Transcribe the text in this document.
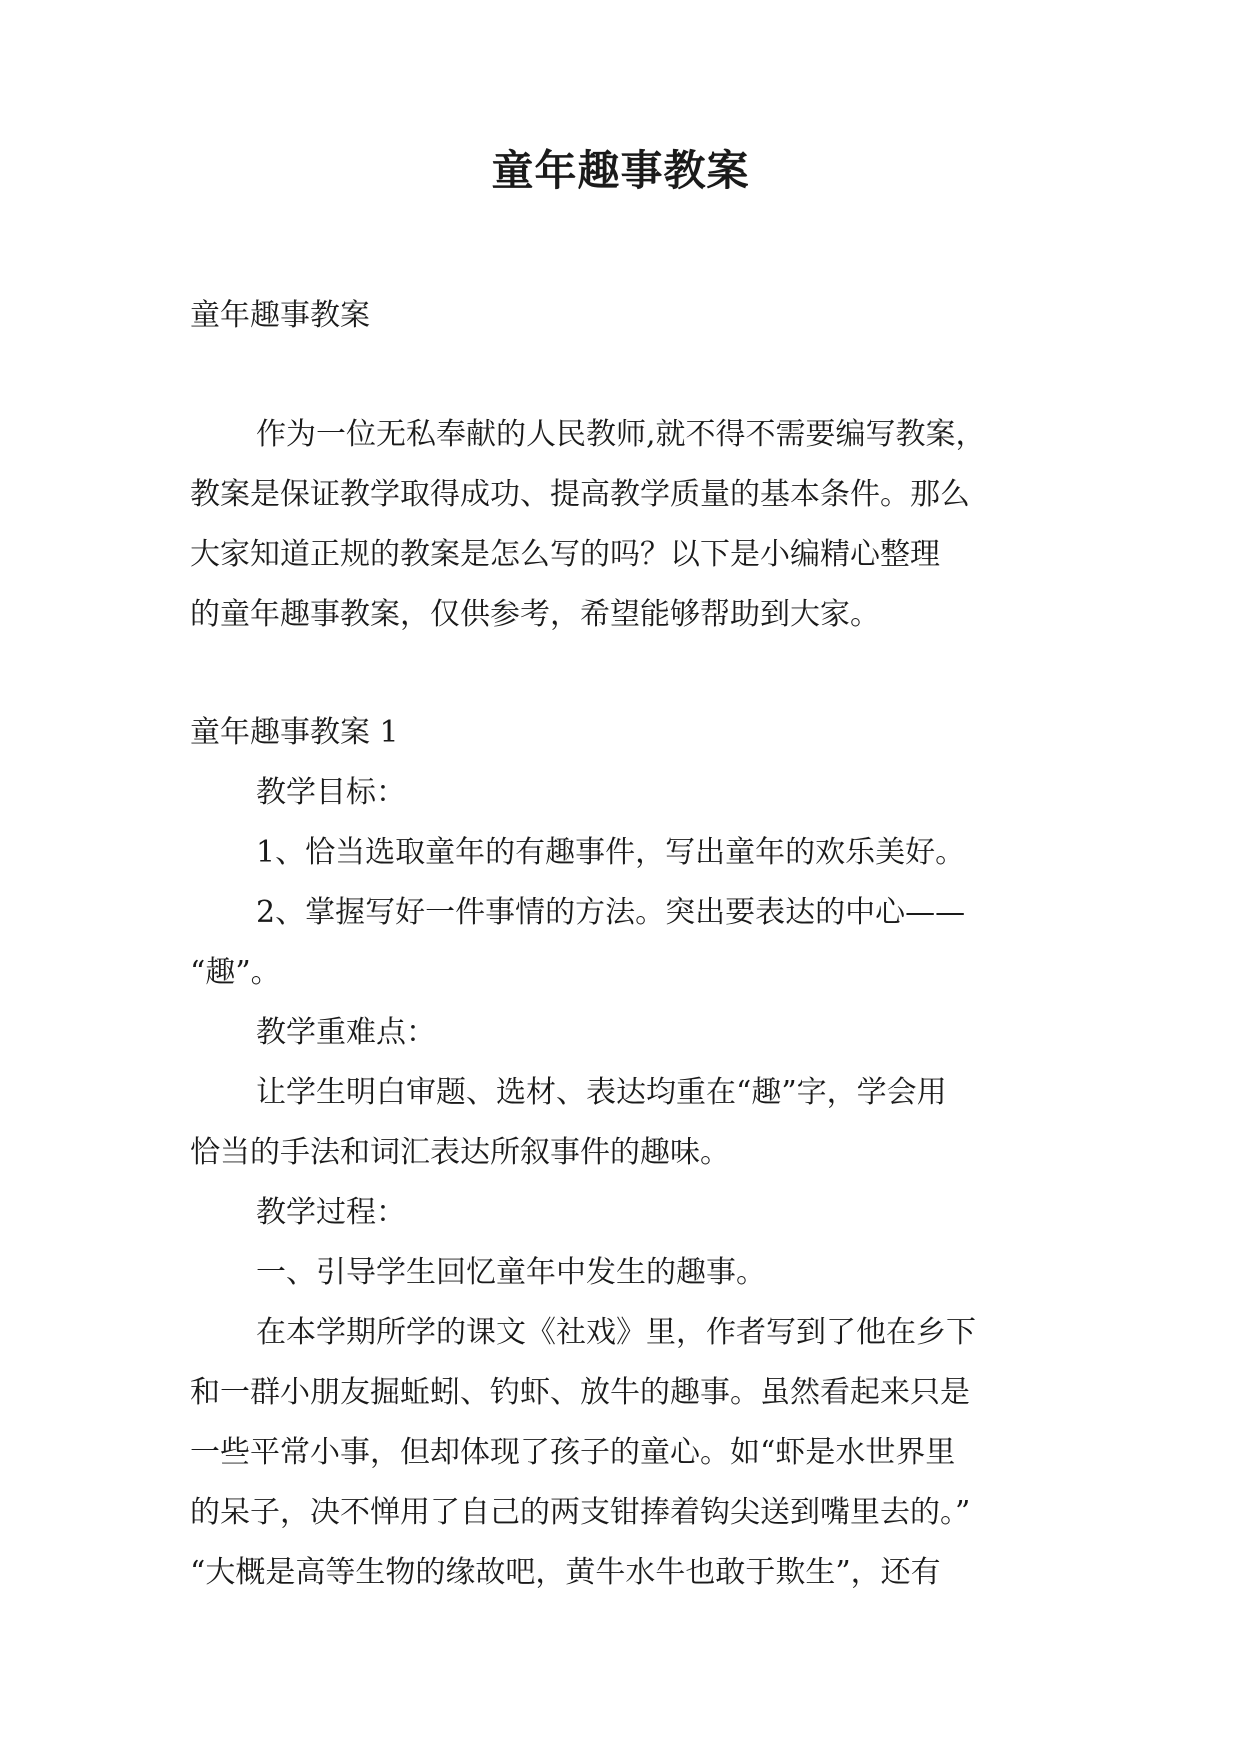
童年趣事教案
童年趣事教案
作为一位无私奉献的人民教师,就不得不需要编写教案，
教案是保证教学取得成功、提高教学质量的基本条件。那么
大家知道正规的教案是怎么写的吗？以下是小编精心整理
的童年趣事教案，仅供参考，希望能够帮助到大家。
童年趣事教案 1
教学目标：
1、恰当选取童年的有趣事件，写出童年的欢乐美好。
2、掌握写好一件事情的方法。突出要表达的中心——
“趣”。
教学重难点：
让学生明白审题、选材、表达均重在“趣”字，学会用
恰当的手法和词汇表达所叙事件的趣味。
教学过程：
一、引导学生回忆童年中发生的趣事。
在本学期所学的课文《社戏》里，作者写到了他在乡下
和一群小朋友掘蚯蚓、钓虾、放牛的趣事。虽然看起来只是
一些平常小事，但却体现了孩子的童心。如“虾是水世界里
的呆子，决不惮用了自己的两支钳捧着钩尖送到嘴里去的。”
“大概是高等生物的缘故吧，黄牛水牛也敢于欺生”，还有
